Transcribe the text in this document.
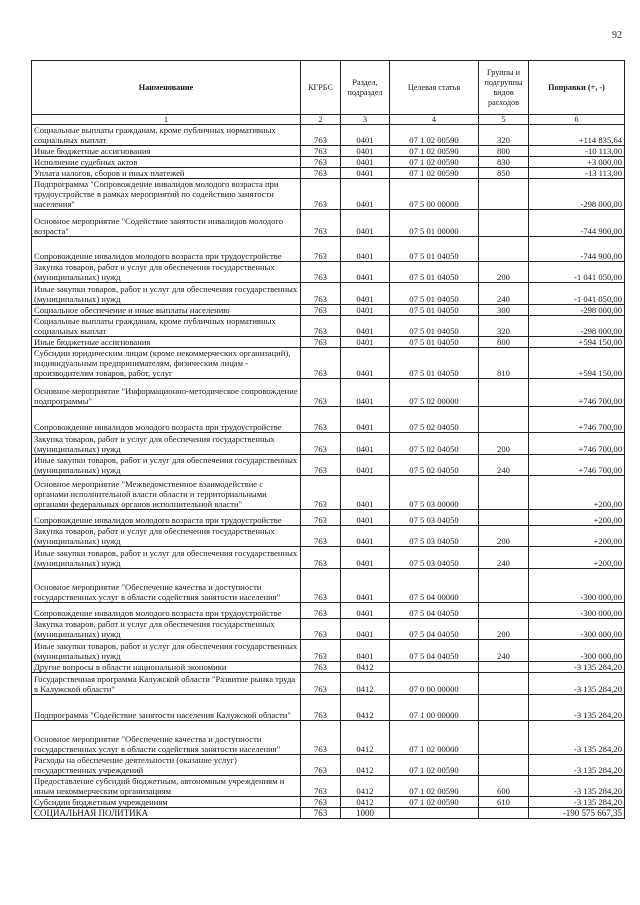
92
Наименование	КГРБС	Раздел, подраздел	Целевая статья	Группы и подгруппы видов расходов	Поправки (+, -)
1	2	3	4	5	6
Социальные выплаты гражданам, кроме публичных нормативных социальных выплат	763	0401	07 1 02 00590	320	+114 835,64
Иные бюджетные ассигнования	763	0401	07 1 02 00590	800	-10 113,00
Исполнение судебных актов	763	0401	07 1 02 00590	830	+3 000,00
Уплата налогов, сборов и иных платежей	763	0401	07 1 02 00590	850	-13 113,00
Подпрограмма "Сопровождение инвалидов молодого возраста при трудоустройстве в рамках мероприятий по содействию занятости населения"	763	0401	07 5 00 00000		-298 000,00
Основное мероприятие "Содействие занятости инвалидов молодого возраста"	763	0401	07 5 01 00000		-744 900,00
Сопровождение инвалидов молодого возраста при трудоустройстве	763	0401	07 5 01 04050		-744 900,00
Закупка товаров, работ и услуг для обеспечения государственных (муниципальных) нужд	763	0401	07 5 01 04050	200	-1 041 050,00
Иные закупки товаров, работ и услуг для обеспечения государственных (муниципальных) нужд	763	0401	07 5 01 04050	240	-1 041 050,00
Социальное обеспечение и иные выплаты населению	763	0401	07 5 01 04050	300	-298 000,00
Социальные выплаты гражданам, кроме публичных нормативных социальных выплат	763	0401	07 5 01 04050	320	-298 000,00
Иные бюджетные ассигнования	763	0401	07 5 01 04050	800	+594 150,00
Субсидии юридическим лицам (кроме некоммерческих организаций), индивидуальным предпринимателям, физическим лицам - производителям товаров, работ, услуг	763	0401	07 5 01 04050	810	+594 150,00
Основное мероприятие "Информационно-методическое сопровождение подпрограммы"	763	0401	07 5 02 00000		+746 700,00
Сопровождение инвалидов молодого возраста при трудоустройстве	763	0401	07 5 02 04050		+746 700,00
Закупка товаров, работ и услуг для обеспечения государственных (муниципальных) нужд	763	0401	07 5 02 04050	200	+746 700,00
Иные закупки товаров, работ и услуг для обеспечения государственных (муниципальных) нужд	763	0401	07 5 02 04050	240	+746 700,00
Основное мероприятие "Межведомственное взаимодействие с органами исполнительной власти области и территориальными органами федеральных органов исполнительной власти"	763	0401	07 5 03 00000		+200,00
Сопровождение инвалидов молодого возраста при трудоустройстве	763	0401	07 5 03 04050		+200,00
Закупка товаров, работ и услуг для обеспечения государственных (муниципальных) нужд	763	0401	07 5 03 04050	200	+200,00
Иные закупки товаров, работ и услуг для обеспечения государственных (муниципальных) нужд	763	0401	07 5 03 04050	240	+200,00
Основное мероприятие "Обеспечение качества и доступности государственных услуг в области содействия занятости населения"	763	0401	07 5 04 00000		-300 000,00
Сопровождение инвалидов молодого возраста при трудоустройстве	763	0401	07 5 04 04050		-300 000,00
Закупка товаров, работ и услуг для обеспечения государственных (муниципальных) нужд	763	0401	07 5 04 04050	200	-300 000,00
Иные закупки товаров, работ и услуг для обеспечения государственных (муниципальных) нужд	763	0401	07 5 04 04050	240	-300 000,00
Другие вопросы в области национальной экономики	763	0412			-3 135 284,20
Государственная программа Калужской области "Развитие рынка труда в Калужской области"	763	0412	07 0 00 00000		-3 135 284,20
Подпрограмма "Содействие занятости населения Калужской области"	763	0412	07 1 00 00000		-3 135 284,20
Основное мероприятие "Обеспечение качества и доступности государственных услуг в области содействия занятости населения"	763	0412	07 1 02 00000		-3 135 284,20
Расходы на обеспечение деятельности (оказание услуг) государственных учреждений	763	0412	07 1 02 00590		-3 135 284,20
Предоставление субсидий бюджетным, автономным учреждениям и иным некоммерческим организациям	763	0412	07 1 02 00590	600	-3 135 284,20
Субсидии бюджетным учреждениям	763	0412	07 1 02 00590	610	-3 135 284,20
СОЦИАЛЬНАЯ ПОЛИТИКА	763	1000			-190 575 667,35
